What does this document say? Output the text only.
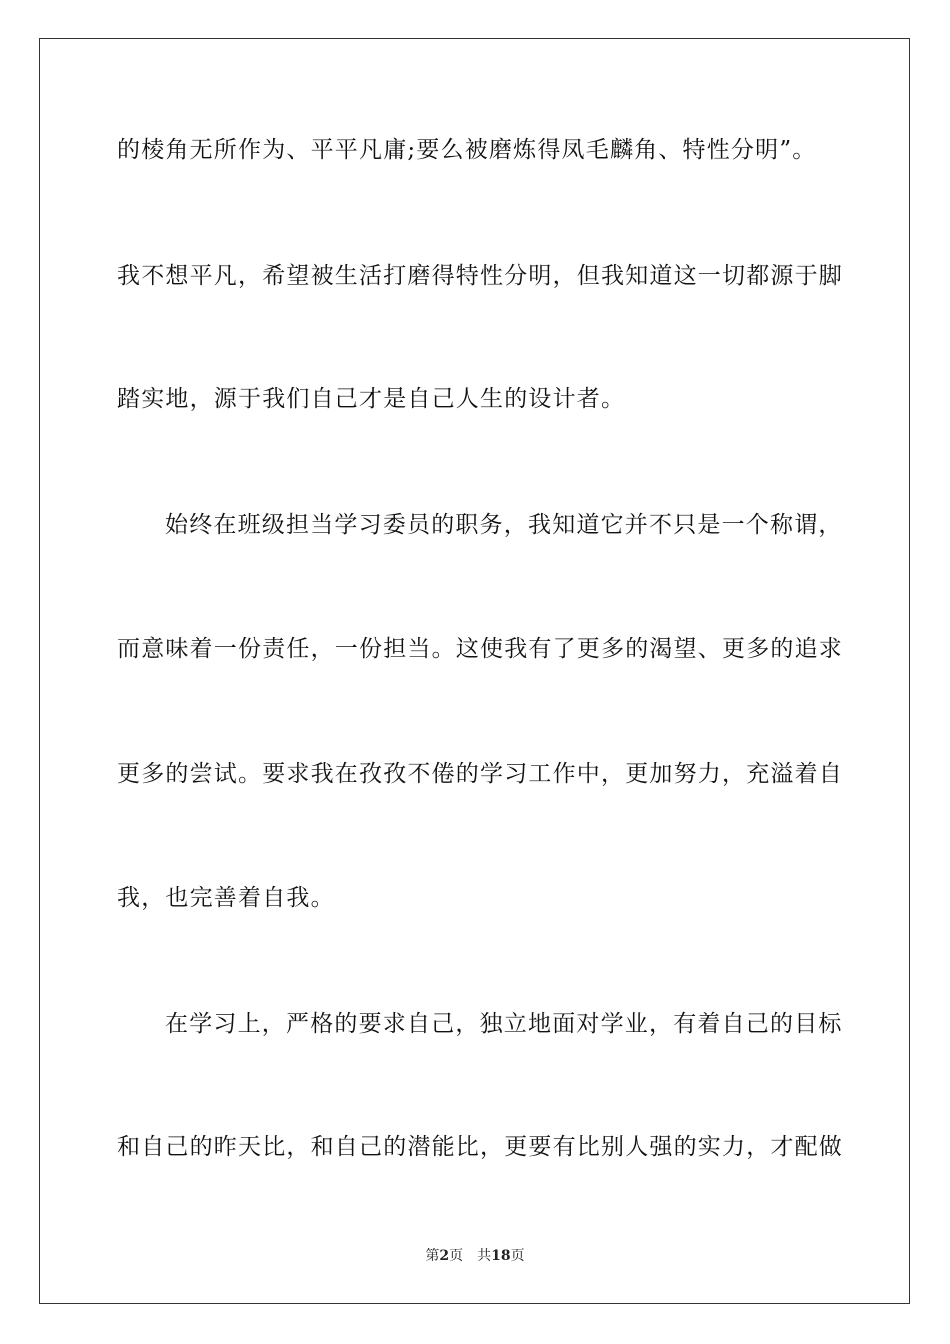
的棱角无所作为、平平凡庸;要么被磨炼得凤毛麟角、特性分明”。
我不想平凡，希望被生活打磨得特性分明，但我知道这一切都源于脚
踏实地，源于我们自己才是自己人生的设计者。
始终在班级担当学习委员的职务，我知道它并不只是一个称谓，
而意味着一份责任，一份担当。这使我有了更多的渴望、更多的追求
更多的尝试。要求我在孜孜不倦的学习工作中，更加努力，充溢着自
我，也完善着自我。
在学习上，严格的要求自己，独立地面对学业，有着自己的目标
和自己的昨天比，和自己的潜能比，更要有比别人强的实力，才配做
第2页 共18页
